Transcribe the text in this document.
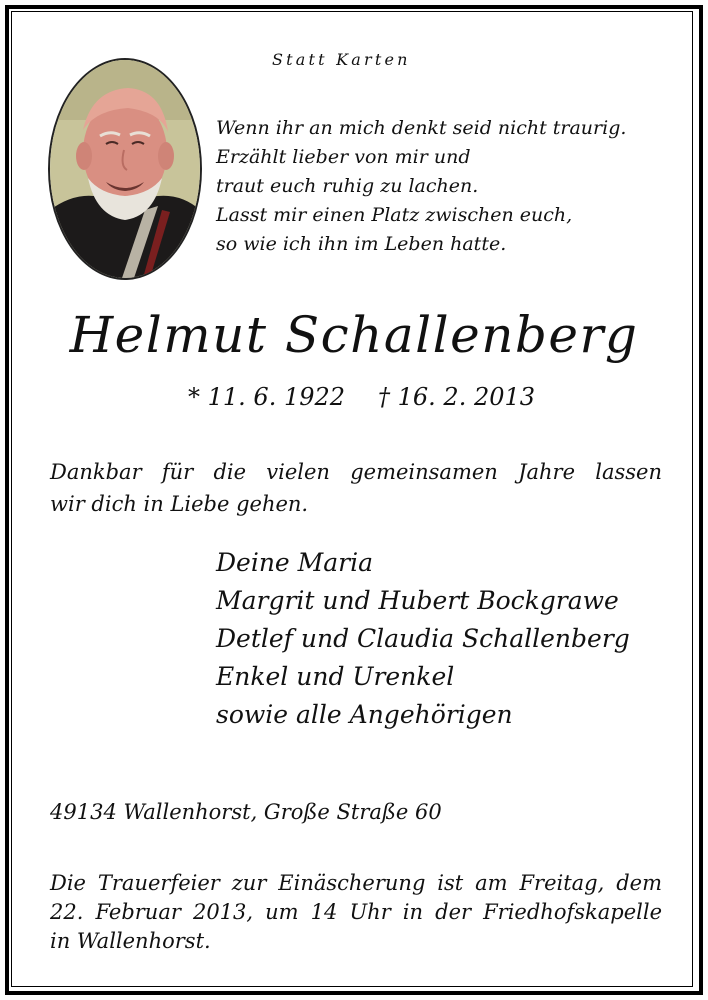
Statt Karten
Wenn ihr an mich denkt seid nicht traurig.
Erzählt lieber von mir und
traut euch ruhig zu lachen.
Lasst mir einen Platz zwischen euch,
so wie ich ihn im Leben hatte.
Helmut Schallenberg
* 11. 6. 1922 † 16. 2. 2013
Dankbar für die vielen gemeinsamen Jahre lassen
wir dich in Liebe gehen.
Deine Maria
Margrit und Hubert Bockgrawe
Detlef und Claudia Schallenberg
Enkel und Urenkel
sowie alle Angehörigen
49134 Wallenhorst, Große Straße 60
Die Trauerfeier zur Einäscherung ist am Freitag, dem
22. Februar 2013, um 14 Uhr in der Friedhofskapelle
in Wallenhorst.
